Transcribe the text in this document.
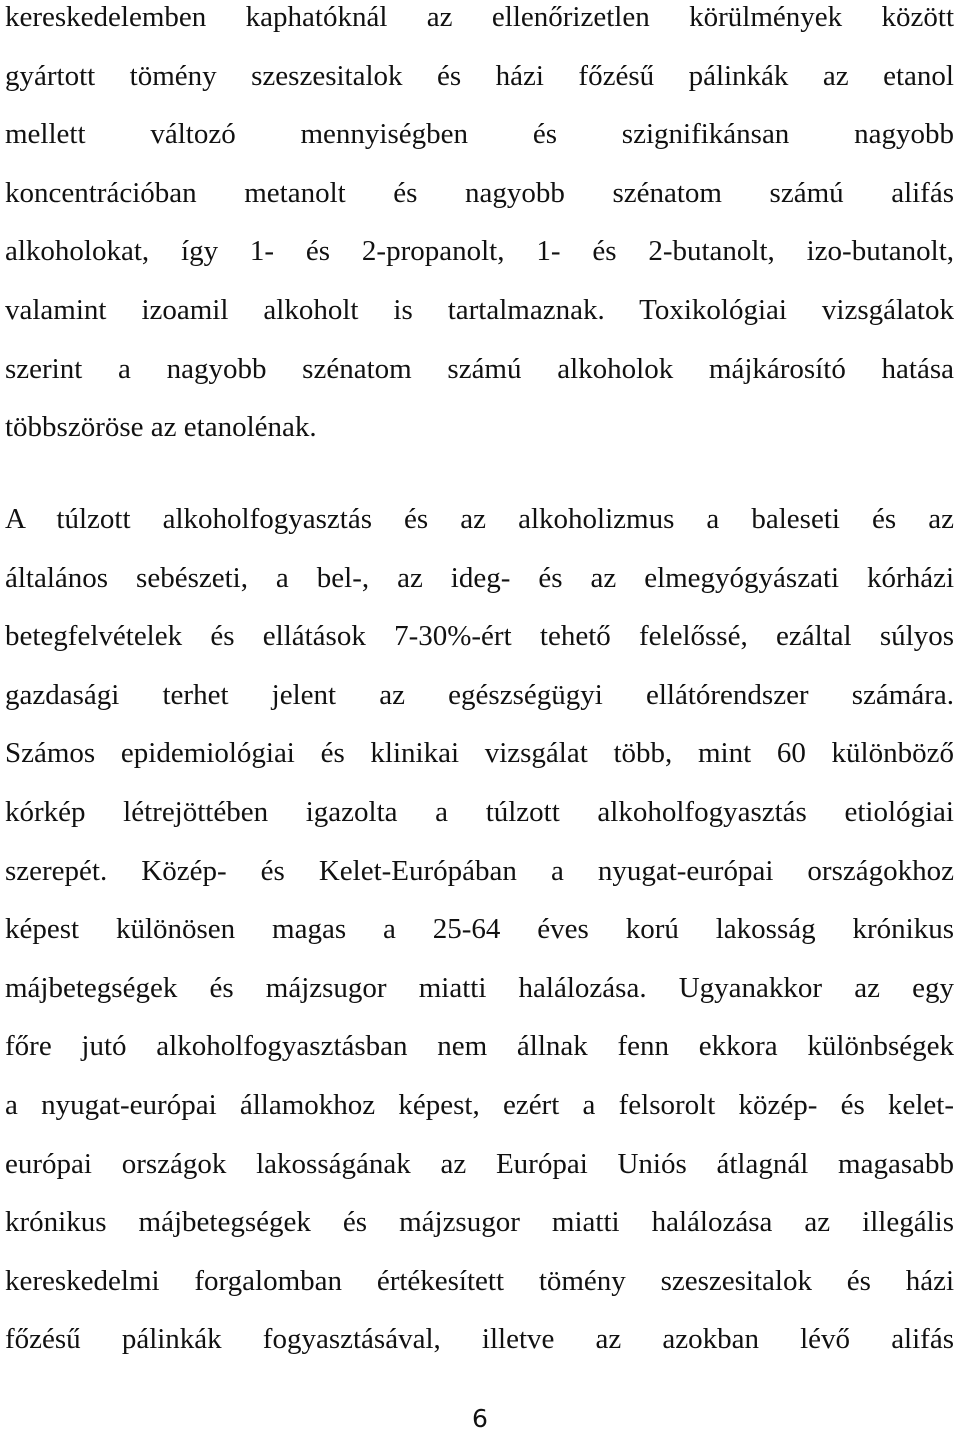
kereskedelemben kaphatóknál az ellenőrizetlen körülmények között
gyártott tömény szeszesitalok és házi főzésű pálinkák az etanol
mellett változó mennyiségben és szignifikánsan nagyobb
koncentrációban metanolt és nagyobb szénatom számú alifás
alkoholokat, így 1- és 2-propanolt, 1- és 2-butanolt, izo-butanolt,
valamint izoamil alkoholt is tartalmaznak. Toxikológiai vizsgálatok
szerint a nagyobb szénatom számú alkoholok májkárosító hatása
többszöröse az etanolénak.
A túlzott alkoholfogyasztás és az alkoholizmus a baleseti és az
általános sebészeti, a bel-, az ideg- és az elmegyógyászati kórházi
betegfelvételek és ellátások 7-30%-ért tehető felelőssé, ezáltal súlyos
gazdasági terhet jelent az egészségügyi ellátórendszer számára.
Számos epidemiológiai és klinikai vizsgálat több, mint 60 különböző
kórkép létrejöttében igazolta a túlzott alkoholfogyasztás etiológiai
szerepét. Közép- és Kelet-Európában a nyugat-európai országokhoz
képest különösen magas a 25-64 éves korú lakosság krónikus
májbetegségek és májzsugor miatti halálozása. Ugyanakkor az egy
főre jutó alkoholfogyasztásban nem állnak fenn ekkora különbségek
a nyugat-európai államokhoz képest, ezért a felsorolt közép- és kelet-
európai országok lakosságának az Európai Uniós átlagnál magasabb
krónikus májbetegségek és májzsugor miatti halálozása az illegális
kereskedelmi forgalomban értékesített tömény szeszesitalok és házi
főzésű pálinkák fogyasztásával, illetve az azokban lévő alifás
6
